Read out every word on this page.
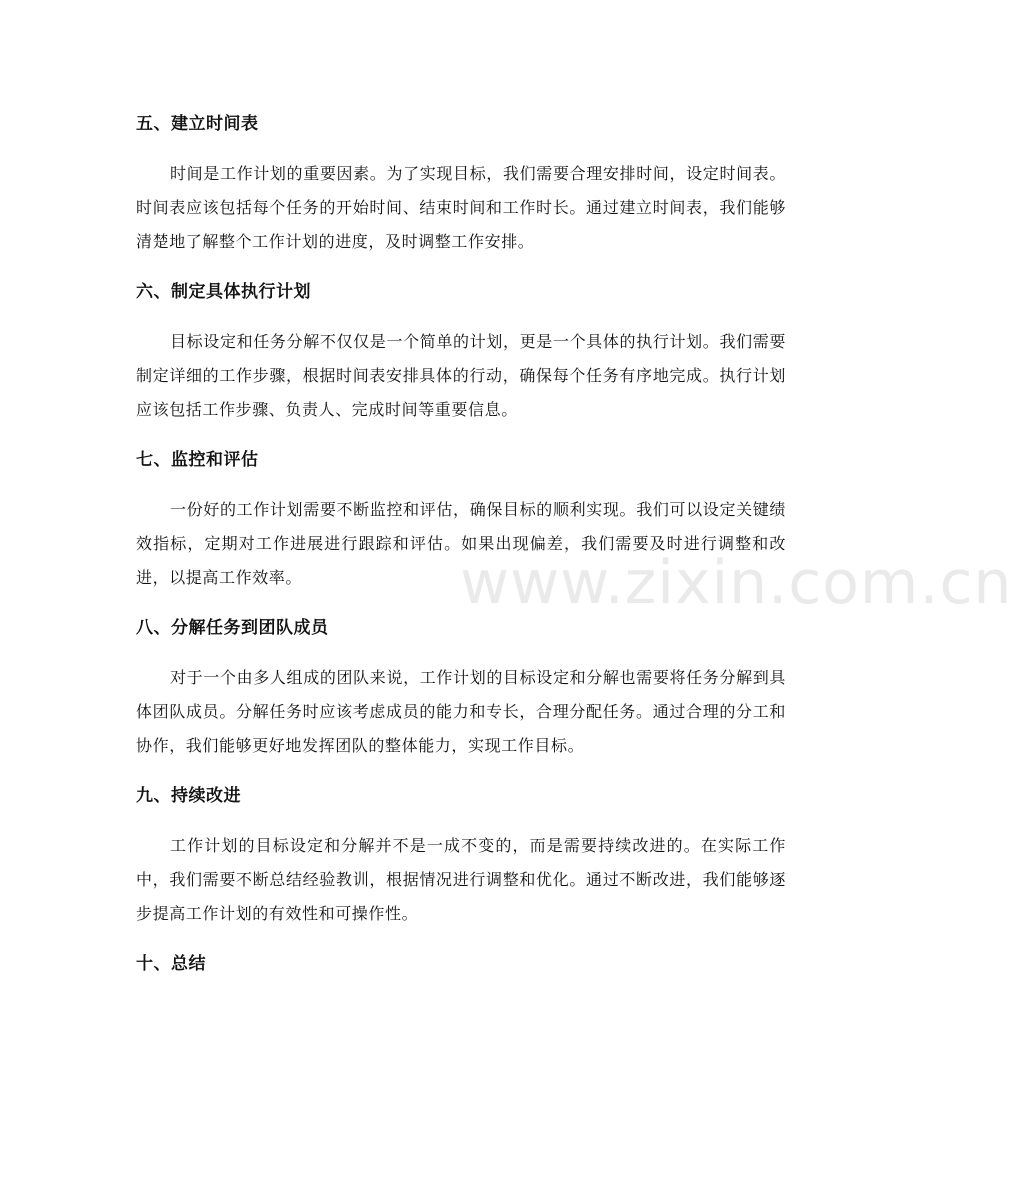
五、建立时间表

时间是工作计划的重要因素。为了实现目标，我们需要合理安排时间，设定时间表。时间表应该包括每个任务的开始时间、结束时间和工作时长。通过建立时间表，我们能够清楚地了解整个工作计划的进度，及时调整工作安排。

六、制定具体执行计划

目标设定和任务分解不仅仅是一个简单的计划，更是一个具体的执行计划。我们需要制定详细的工作步骤，根据时间表安排具体的行动，确保每个任务有序地完成。执行计划应该包括工作步骤、负责人、完成时间等重要信息。

七、监控和评估

一份好的工作计划需要不断监控和评估，确保目标的顺利实现。我们可以设定关键绩效指标，定期对工作进展进行跟踪和评估。如果出现偏差，我们需要及时进行调整和改进，以提高工作效率。

八、分解任务到团队成员

对于一个由多人组成的团队来说，工作计划的目标设定和分解也需要将任务分解到具体团队成员。分解任务时应该考虑成员的能力和专长，合理分配任务。通过合理的分工和协作，我们能够更好地发挥团队的整体能力，实现工作目标。

九、持续改进

工作计划的目标设定和分解并不是一成不变的，而是需要持续改进的。在实际工作中，我们需要不断总结经验教训，根据情况进行调整和优化。通过不断改进，我们能够逐步提高工作计划的有效性和可操作性。

十、总结
www.zixin.com.cn
